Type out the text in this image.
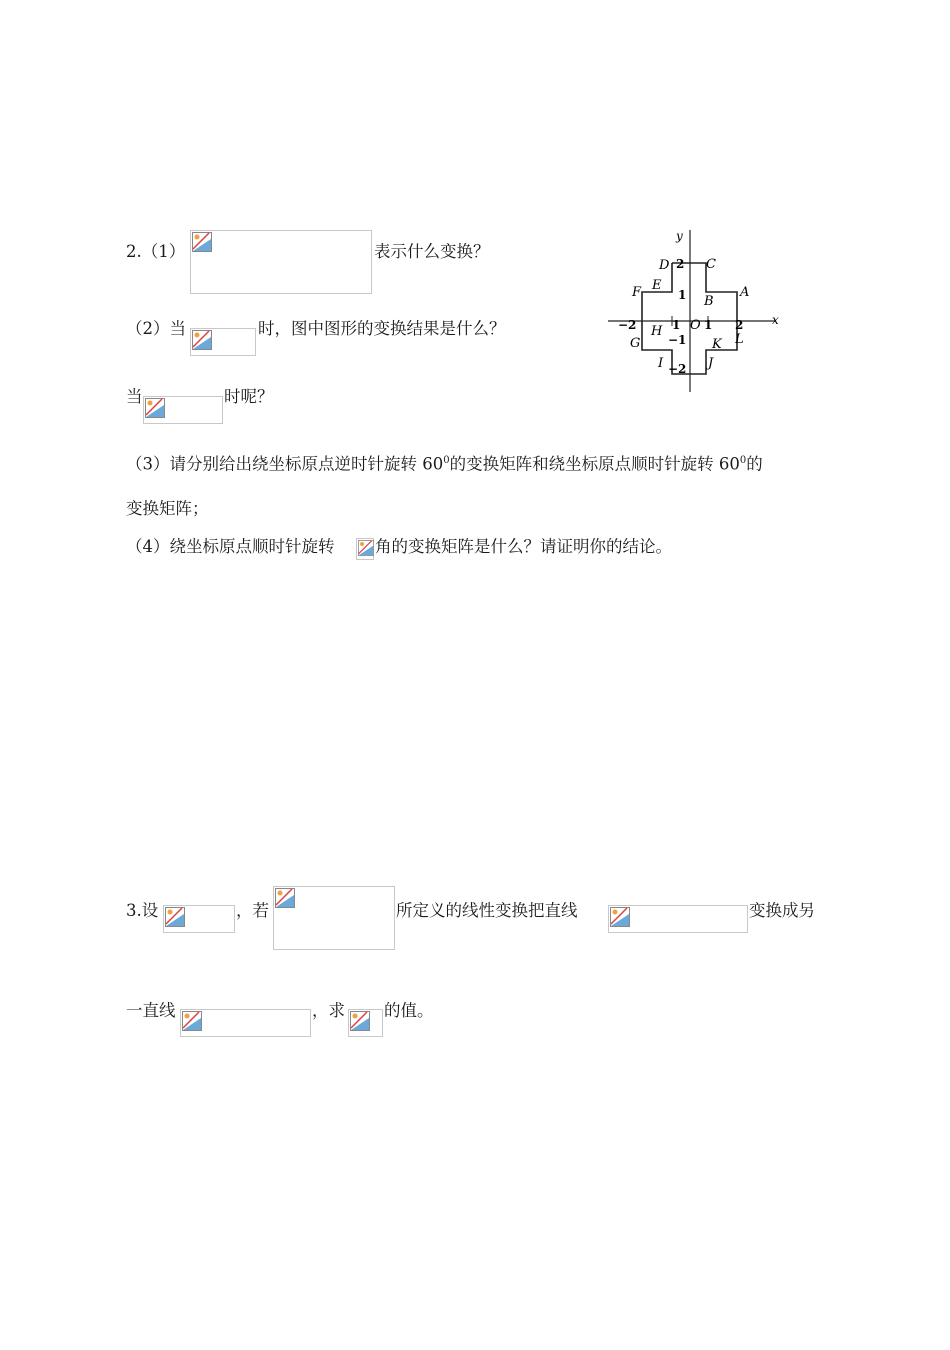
2.（1）	表示什么变换？
（2）当	时，图中图形的变换结果是什么？
当	时呢？
（3）请分别给出绕坐标原点逆时针旋转 $60^0$的变换矩阵和绕坐标原点顺时针旋转 $60^0$的
变换矩阵；
（4）绕坐标原点顺时针旋转 角的变换矩阵是什么？请证明你的结论。
x
y
O
2
1
−1
−2
1 2
1
−2
A
B
C
D
E
F
G
H
I	J
K L
3.设	，若	所定义的线性变换把直线	变换成另
一直线	，求 的值。
